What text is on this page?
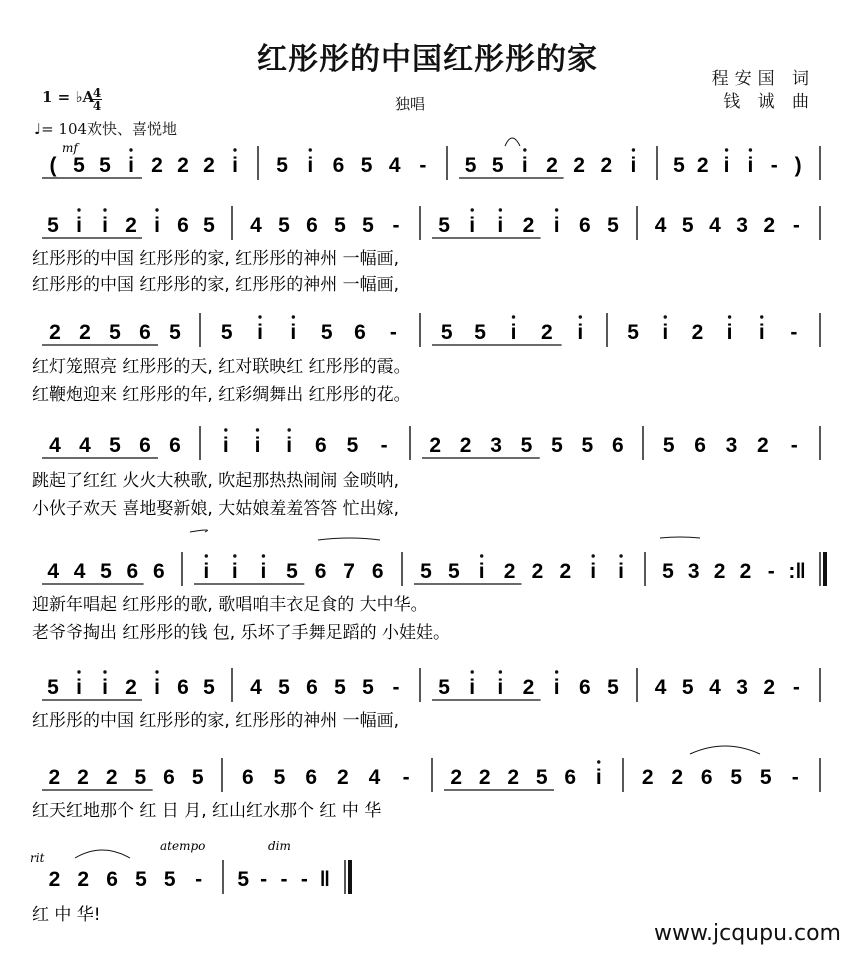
红彤彤的中国红彤彤的家
程安国 词
钱 诚 曲
1 = ♭A
4
4	独唱
♩= 104欢快、喜悦地
( 5 5 i 2 2 2 i 5 i 6 5 4 - 5 5 i 2 2 2 i 5 2 i i - )
5 i i 2 i 6 5 4 5 6 5 5 - 5 i i 2 i 6 5 4 5 4 3 2 -
红彤彤的中国 红彤彤的家, 红彤彤的神州 一幅画,
红彤彤的中国 红彤彤的家, 红彤彤的神州 一幅画,
2 2 5 6 5 5 i i 5 6 - 5 5 i 2 i 5 i 2 i i -
红灯笼照亮 红彤彤的天, 红对联映红 红彤彤的霞。
红鞭炮迎来 红彤彤的年, 红彩绸舞出 红彤彤的花。
4 4 5 6 6 i i i 6 5 - 2 2 3 5 5 5 6 5 6 3 2 -
跳起了红红 火火大秧歌, 吹起那热热闹闹 金唢呐,
小伙子欢天 喜地娶新娘, 大姑娘羞羞答答 忙出嫁,
4 4 5 6 6 i i i 5 6 7 6 5 5 i 2 2 2 i i 5 3 2 2 - :‖
迎新年唱起 红彤彤的歌, 歌唱咱丰衣足食的 大中华。
老爷爷掏出 红彤彤的钱 包, 乐坏了手舞足蹈的 小娃娃。
5 i i 2 i 6 5 4 5 6 5 5 - 5 i i 2 i 6 5 4 5 4 3 2 -
红彤彤的中国 红彤彤的家, 红彤彤的神州 一幅画,
2 2 2 5 6 5 6 5 6 2 4 - 2 2 2 5 6 i 2 2 6 5 5 -
红天红地那个 红 日 月, 红山红水那个 红 中 华
2 2 6 5 5 - 5 - - - ‖
红 中 华!
mf
rit
atempo	dim
www.jcqupu.com
